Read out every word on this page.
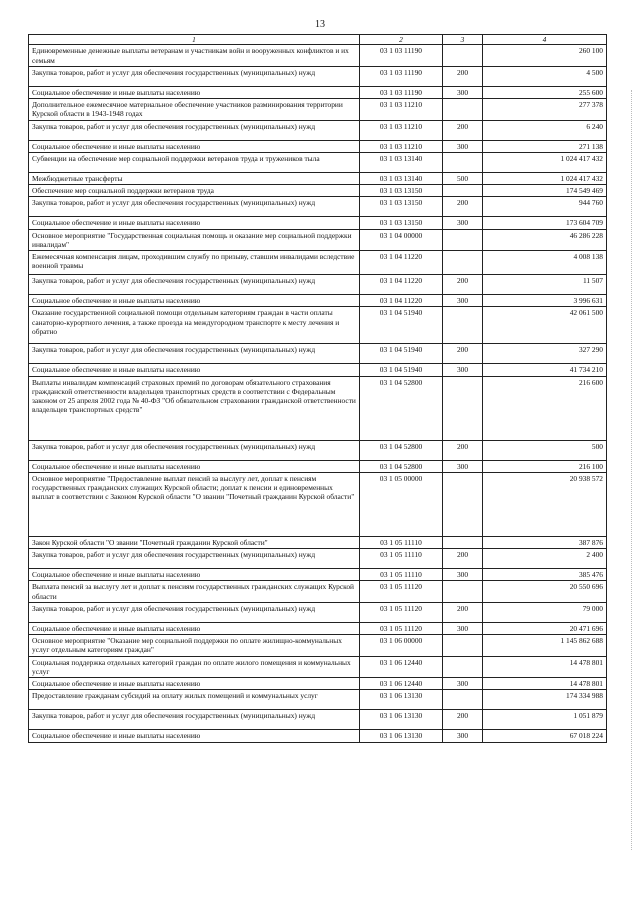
13
1	2	3	4
Единовременные денежные выплаты ветеранам и участникам войн и вооруженных конфликтов и их семьям	03 1 03 11190		260 100
Закупка товаров, работ и услуг для обеспечения государственных (муниципальных) нужд	03 1 03 11190	200	4 500
Социальное обеспечение и иные выплаты населению	03 1 03 11190	300	255 600
Дополнительное ежемесячное материальное обеспечение участников разминирования территории Курской области в 1943-1948 годах	03 1 03 11210		277 378
Закупка товаров, работ и услуг для обеспечения государственных (муниципальных) нужд	03 1 03 11210	200	6 240
Социальное обеспечение и иные выплаты населению	03 1 03 11210	300	271 138
Субвенции на обеспечение мер социальной поддержки ветеранов труда и тружеников тыла	03 1 03 13140		1 024 417 432
Межбюджетные трансферты	03 1 03 13140	500	1 024 417 432
Обеспечение мер социальной поддержки ветеранов труда	03 1 03 13150		174 549 469
Закупка товаров, работ и услуг для обеспечения государственных (муниципальных) нужд	03 1 03 13150	200	944 760
Социальное обеспечение и иные выплаты населению	03 1 03 13150	300	173 604 709
Основное мероприятие "Государственная социальная помощь и оказание мер социальной поддержки инвалидам"	03 1 04 00000		46 286 228
Ежемесячная компенсация лицам, проходившим службу по призыву, ставшим инвалидами вследствие военной травмы	03 1 04 11220		4 008 138
Закупка товаров, работ и услуг для обеспечения государственных (муниципальных) нужд	03 1 04 11220	200	11 507
Социальное обеспечение и иные выплаты населению	03 1 04 11220	300	3 996 631
Оказание государственной социальной помощи отдельным категориям граждан в части оплаты санаторно-курортного лечения, а также проезда на междугородном транспорте к месту лечения и обратно	03 1 04 51940		42 061 500
Закупка товаров, работ и услуг для обеспечения государственных (муниципальных) нужд	03 1 04 51940	200	327 290
Социальное обеспечение и иные выплаты населению	03 1 04 51940	300	41 734 210
Выплаты инвалидам компенсаций страховых премий по договорам обязательного страхования гражданской ответственности владельцев транспортных средств в соответствии с Федеральным законом от 25 апреля 2002 года № 40-ФЗ "Об обязательном страховании гражданской ответственности владельцев транспортных средств"	03 1 04 52800		216 600
Закупка товаров, работ и услуг для обеспечения государственных (муниципальных) нужд	03 1 04 52800	200	500
Социальное обеспечение и иные выплаты населению	03 1 04 52800	300	216 100
Основное мероприятие "Предоставление выплат пенсий за выслугу лет, доплат к пенсиям государственных гражданских служащих Курской области; доплат к пенсии и единовременных выплат в соответствии с Законом Курской области "О звании "Почетный гражданин Курской области"	03 1 05 00000		20 938 572
Закон Курской области "О звании "Почетный гражданин Курской области"	03 1 05 11110		387 876
Закупка товаров, работ и услуг для обеспечения государственных (муниципальных) нужд	03 1 05 11110	200	2 400
Социальное обеспечение и иные выплаты населению	03 1 05 11110	300	385 476
Выплата пенсий за выслугу лет и доплат к пенсиям государственных гражданских служащих Курской области	03 1 05 11120		20 550 696
Закупка товаров, работ и услуг для обеспечения государственных (муниципальных) нужд	03 1 05 11120	200	79 000
Социальное обеспечение и иные выплаты населению	03 1 05 11120	300	20 471 696
Основное мероприятие "Оказание мер социальной поддержки по оплате жилищно-коммунальных услуг отдельным категориям граждан"	03 1 06 00000		1 145 862 688
Социальная поддержка отдельных категорий граждан по оплате жилого помещения и коммунальных услуг	03 1 06 12440		14 478 801
Социальное обеспечение и иные выплаты населению	03 1 06 12440	300	14 478 801
Предоставление гражданам субсидий на оплату жилых помещений и коммунальных услуг	03 1 06 13130		174 334 988
Закупка товаров, работ и услуг для обеспечения государственных (муниципальных) нужд	03 1 06 13130	200	1 051 879
Социальное обеспечение и иные выплаты населению	03 1 06 13130	300	67 018 224
